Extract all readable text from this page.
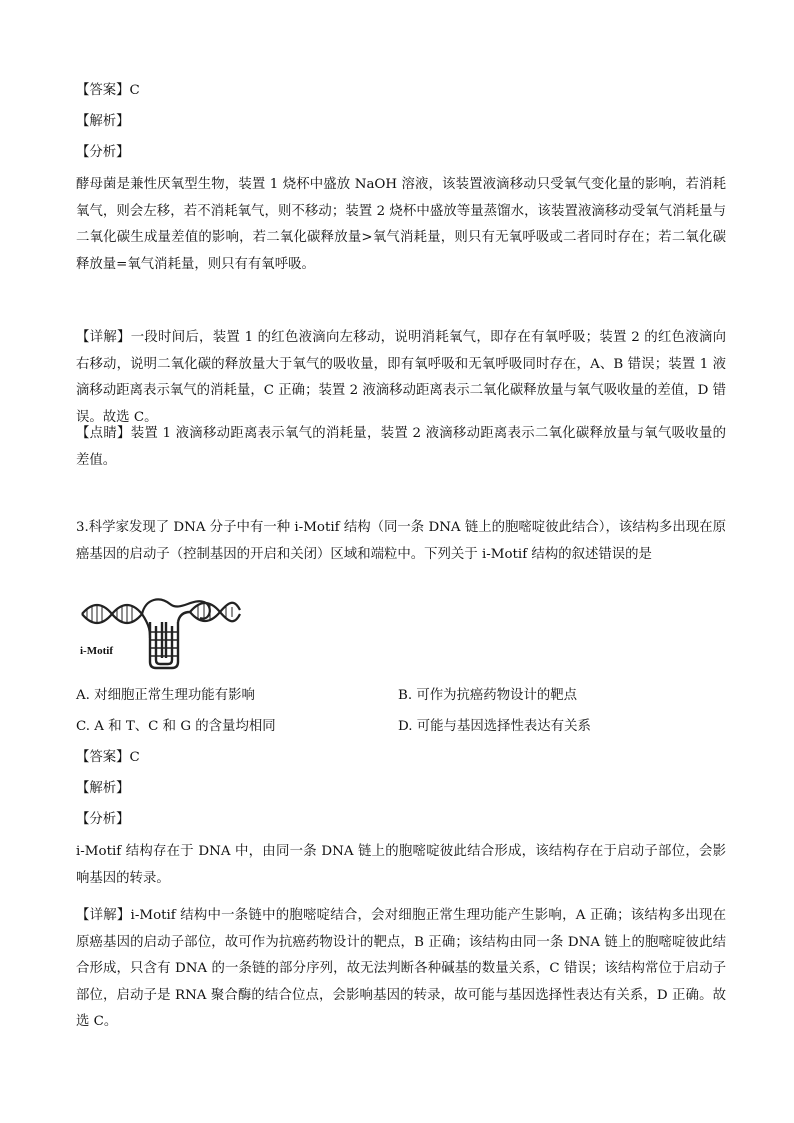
【答案】C
【解析】
【分析】
酵母菌是兼性厌氧型生物，装置 1 烧杯中盛放 NaOH 溶液，该装置液滴移动只受氧气变化量的影响，若消耗氧气，则会左移，若不消耗氧气，则不移动；装置 2 烧杯中盛放等量蒸馏水，该装置液滴移动受氧气消耗量与二氧化碳生成量差值的影响，若二氧化碳释放量>氧气消耗量，则只有无氧呼吸或二者同时存在；若二氧化碳释放量=氧气消耗量，则只有有氧呼吸。
【详解】一段时间后，装置 1 的红色液滴向左移动，说明消耗氧气，即存在有氧呼吸；装置 2 的红色液滴向右移动，说明二氧化碳的释放量大于氧气的吸收量，即有氧呼吸和无氧呼吸同时存在，A、B 错误；装置 1 液滴移动距离表示氧气的消耗量，C 正确；装置 2 液滴移动距离表示二氧化碳释放量与氧气吸收量的差值，D 错误。故选 C。
【点睛】装置 1 液滴移动距离表示氧气的消耗量，装置 2 液滴移动距离表示二氧化碳释放量与氧气吸收量的差值。
3.科学家发现了 DNA 分子中有一种 i-Motif 结构（同一条 DNA 链上的胞嘧啶彼此结合），该结构多出现在原癌基因的启动子（控制基因的开启和关闭）区域和端粒中。下列关于 i-Motif 结构的叙述错误的是
i-Motif
A. 对细胞正常生理功能有影响	B. 可作为抗癌药物设计的靶点
C. A 和 T、C 和 G 的含量均相同	D. 可能与基因选择性表达有关系
【答案】C
【解析】
【分析】
i-Motif 结构存在于 DNA 中，由同一条 DNA 链上的胞嘧啶彼此结合形成，该结构存在于启动子部位，会影响基因的转录。
【详解】i-Motif 结构中一条链中的胞嘧啶结合，会对细胞正常生理功能产生影响，A 正确；该结构多出现在原癌基因的启动子部位，故可作为抗癌药物设计的靶点，B 正确；该结构由同一条 DNA 链上的胞嘧啶彼此结合形成，只含有 DNA 的一条链的部分序列，故无法判断各种碱基的数量关系，C 错误；该结构常位于启动子部位，启动子是 RNA 聚合酶的结合位点，会影响基因的转录，故可能与基因选择性表达有关系，D 正确。故选 C。
